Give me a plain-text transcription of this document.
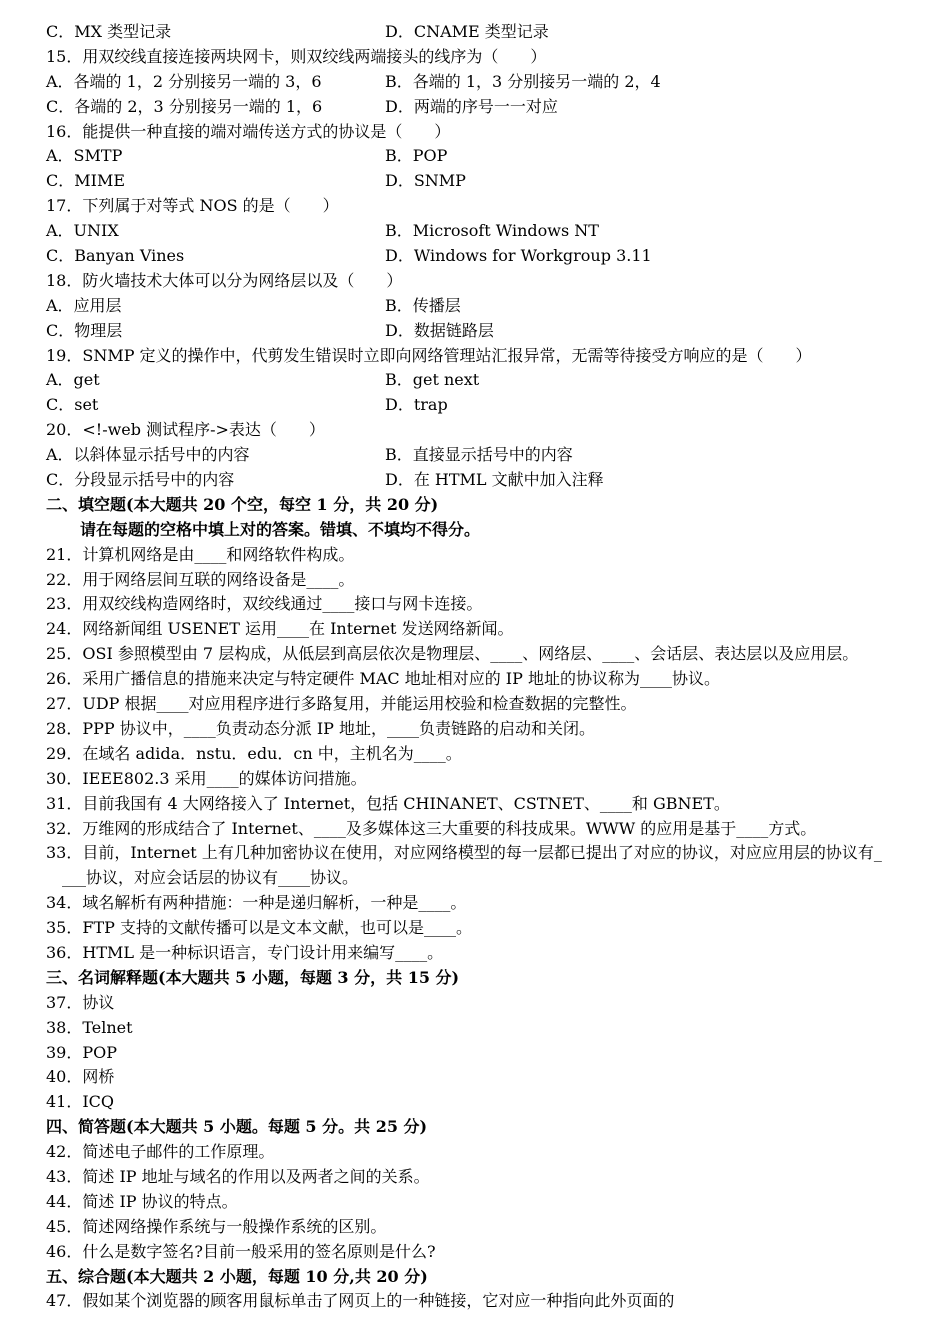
C．MX 类型记录	D．CNAME 类型记录
15．用双绞线直接连接两块网卡，则双绞线两端接头的线序为（　　）
A．各端的 1，2 分别接另一端的 3，6	B．各端的 1，3 分别接另一端的 2，4
C．各端的 2，3 分别接另一端的 1，6	D．两端的序号一一对应
16．能提供一种直接的端对端传送方式的协议是（　　）
A．SMTP	B．POP
C．MIME	D．SNMP
17．下列属于对等式 NOS 的是（　　）
A．UNIX	B．Microsoft Windows NT
C．Banyan Vines	D．Windows for Workgroup 3.11
18．防火墙技术大体可以分为网络层以及（　　）
A．应用层	B．传播层
C．物理层	D．数据链路层
19．SNMP 定义的操作中，代剪发生错误时立即向网络管理站汇报异常，无需等待接受方响应的是（　　）
A．get	B．get next
C．set	D．trap
20．<!-web 测试程序->表达（　　）
A．以斜体显示括号中的内容	B．直接显示括号中的内容
C．分段显示括号中的内容	D．在 HTML 文献中加入注释
二、填空题(本大题共 20 个空，每空 1 分，共 20 分)
请在每题的空格中填上对的答案。错填、不填均不得分。
21．计算机网络是由____和网络软件构成。
22．用于网络层间互联的网络设备是____。
23．用双绞线构造网络时，双绞线通过____接口与网卡连接。
24．网络新闻组 USENET 运用____在 Internet 发送网络新闻。
25．OSI 参照模型由 7 层构成，从低层到高层依次是物理层、____、网络层、____、会话层、表达层以及应用层。
26．采用广播信息的措施来决定与特定硬件 MAC 地址相对应的 IP 地址的协议称为____协议。
27．UDP 根据____对应用程序进行多路复用，并能运用校验和检查数据的完整性。
28．PPP 协议中，____负责动态分派 IP 地址，____负责链路的启动和关闭。
29．在域名 adida．nstu．edu．cn 中，主机名为____。
30．IEEE802.3 采用____的媒体访问措施。
31．目前我国有 4 大网络接入了 Internet，包括 CHINANET、CSTNET、____和 GBNET。
32．万维网的形成结合了 Internet、____及多媒体这三大重要的科技成果。WWW 的应用是基于____方式。
33．目前，Internet 上有几种加密协议在使用，对应网络模型的每一层都已提出了对应的协议，对应应用层的协议有_
___协议，对应会话层的协议有____协议。
34．域名解析有两种措施：一种是递归解析，一种是____。
35．FTP 支持的文献传播可以是文本文献，也可以是____。
36．HTML 是一种标识语言，专门设计用来编写____。
三、名词解释题(本大题共 5 小题，每题 3 分，共 15 分)
37．协议
38．Telnet
39．POP
40．网桥
41．ICQ
四、简答题(本大题共 5 小题。每题 5 分。共 25 分)
42．简述电子邮件的工作原理。
43．简述 IP 地址与域名的作用以及两者之间的关系。
44．简述 IP 协议的特点。
45．简述网络操作系统与一般操作系统的区别。
46．什么是数字签名?目前一般采用的签名原则是什么?
五、综合题(本大题共 2 小题，每题 10 分,共 20 分)
47．假如某个浏览器的顾客用鼠标单击了网页上的一种链接，它对应一种指向此外页面的
